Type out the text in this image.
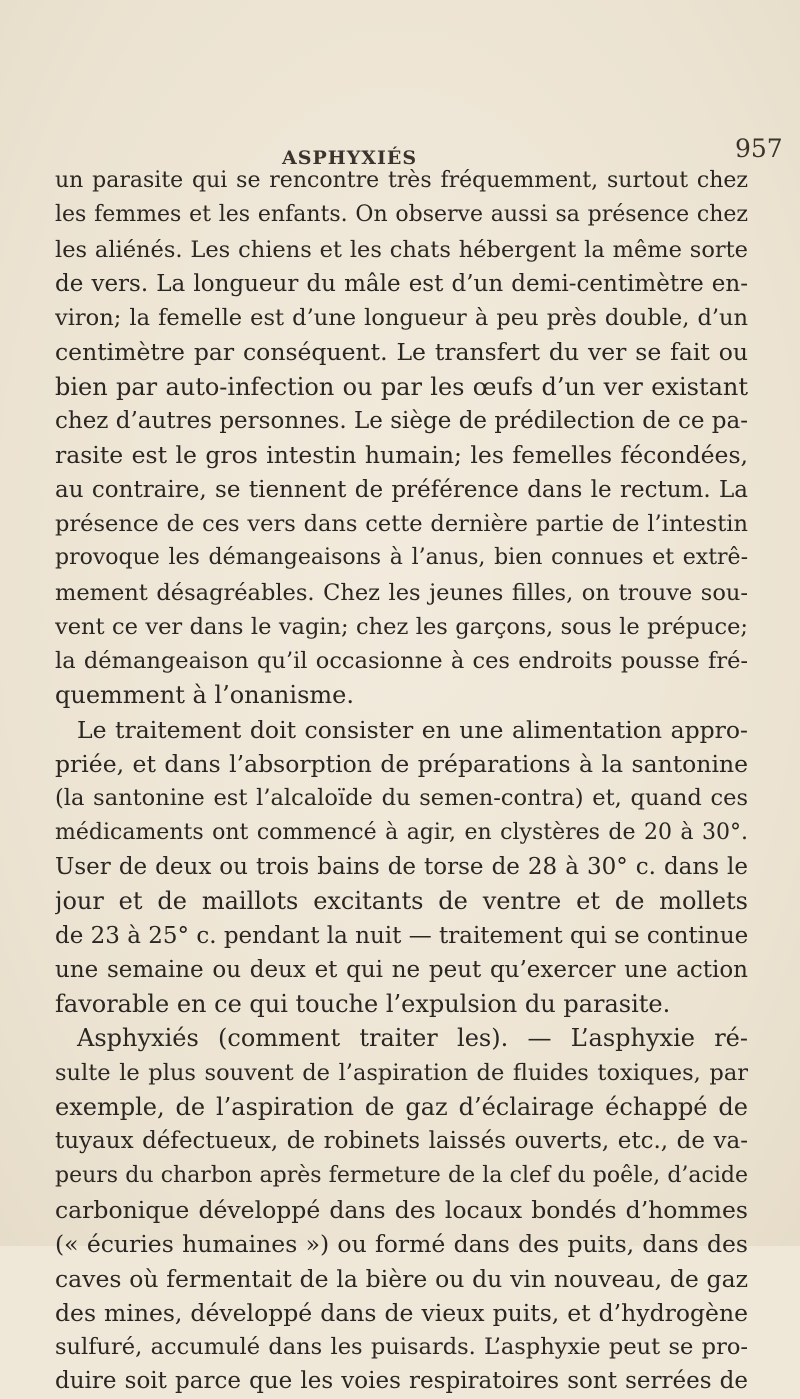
ASPHYXIÉS	957
un parasite qui se rencontre très fréquemment, surtout chez
les femmes et les enfants. On observe aussi sa présence chez
les aliénés. Les chiens et les chats hébergent la même sorte
de vers. La longueur du mâle est d’un demi-centimètre en-
viron; la femelle est d’une longueur à peu près double, d’un
centimètre par conséquent. Le transfert du ver se fait ou
bien par auto-infection ou par les œufs d’un ver existant
chez d’autres personnes. Le siège de prédilection de ce pa-
rasite est le gros intestin humain; les femelles fécondées,
au contraire, se tiennent de préférence dans le rectum. La
présence de ces vers dans cette dernière partie de l’intestin
provoque les démangeaisons à l’anus, bien connues et extrê-
mement désagréables. Chez les jeunes filles, on trouve sou-
vent ce ver dans le vagin; chez les garçons, sous le prépuce;
la démangeaison qu’il occasionne à ces endroits pousse fré-
quemment à l’onanisme.
Le traitement doit consister en une alimentation appro-
priée, et dans l’absorption de préparations à la santonine
(la santonine est l’alcaloïde du semen-contra) et, quand ces
médicaments ont commencé à agir, en clystères de 20 à 30°.
User de deux ou trois bains de torse de 28 à 30° c. dans le
jour et de maillots excitants de ventre et de mollets
de 23 à 25° c. pendant la nuit — traitement qui se continue
une semaine ou deux et qui ne peut qu’exercer une action
favorable en ce qui touche l’expulsion du parasite.
Asphyxiés (comment traiter les). — L’asphyxie ré-
sulte le plus souvent de l’aspiration de fluides toxiques, par
exemple, de l’aspiration de gaz d’éclairage échappé de
tuyaux défectueux, de robinets laissés ouverts, etc., de va-
peurs du charbon après fermeture de la clef du poêle, d’acide
carbonique développé dans des locaux bondés d’hommes
(« écuries humaines ») ou formé dans des puits, dans des
caves où fermentait de la bière ou du vin nouveau, de gaz
des mines, développé dans de vieux puits, et d’hydrogène
sulfuré, accumulé dans les puisards. L’asphyxie peut se pro-
duire soit parce que les voies respiratoires sont serrées de
